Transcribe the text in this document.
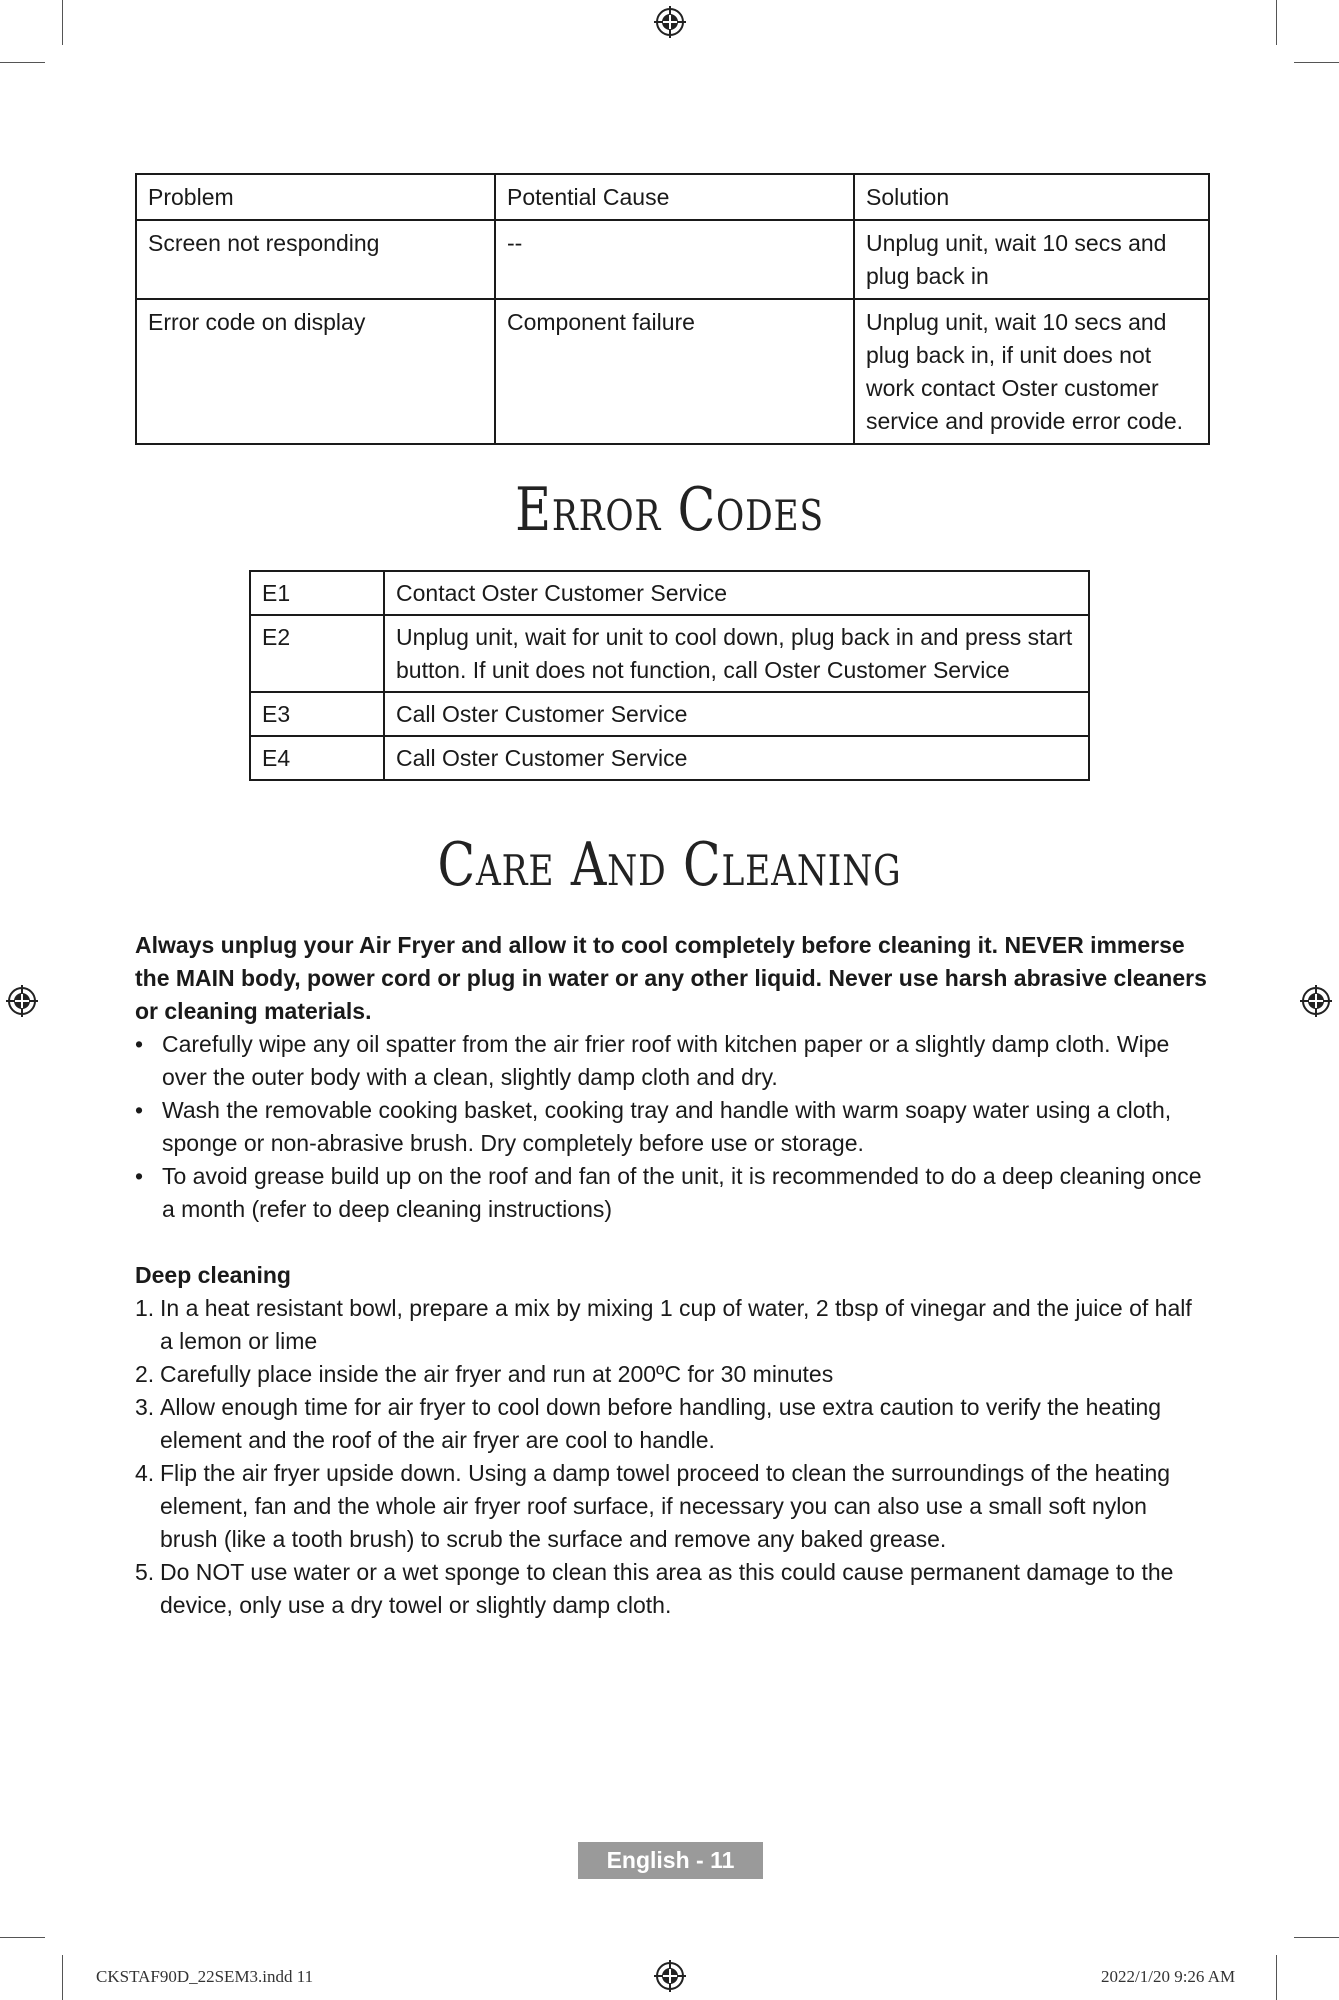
Problem	Potential Cause	Solution
Screen not responding	--	Unplug unit, wait 10 secs and plug back in
Error code on display	Component failure	Unplug unit, wait 10 secs and plug back in, if unit does not work contact Oster customer service and provide error code.
Error Codes
E1	Contact Oster Customer Service
E2	Unplug unit, wait for unit to cool down, plug back in and press start button. If unit does not function, call Oster Customer Service
E3	Call Oster Customer Service
E4	Call Oster Customer Service
Care And Cleaning

Always unplug your Air Fryer and allow it to cool completely before cleaning it. NEVER immerse the MAIN body, power cord or plug in water or any other liquid. Never use harsh abrasive cleaners or cleaning materials.

• Carefully wipe any oil spatter from the air frier roof with kitchen paper or a slightly damp cloth. Wipe over the outer body with a clean, slightly damp cloth and dry.
• Wash the removable cooking basket, cooking tray and handle with warm soapy water using a cloth, sponge or non-abrasive brush. Dry completely before use or storage.
• To avoid grease build up on the roof and fan of the unit, it is recommended to do a deep cleaning once a month (refer to deep cleaning instructions)
Deep cleaning
1. In a heat resistant bowl, prepare a mix by mixing 1 cup of water, 2 tbsp of vinegar and the juice of half a lemon or lime
2. Carefully place inside the air fryer and run at 200ºC for 30 minutes
3. Allow enough time for air fryer to cool down before handling, use extra caution to verify the heating element and the roof of the air fryer are cool to handle.
4. Flip the air fryer upside down. Using a damp towel proceed to clean the surroundings of the heating element, fan and the whole air fryer roof surface, if necessary you can also use a small soft nylon brush (like a tooth brush) to scrub the surface and remove any baked grease.
5. Do NOT use water or a wet sponge to clean this area as this could cause permanent damage to the device, only use a dry towel or slightly damp cloth.
English - 11
CKSTAF90D_22SEM3.indd 11	2022/1/20 9:26 AM
